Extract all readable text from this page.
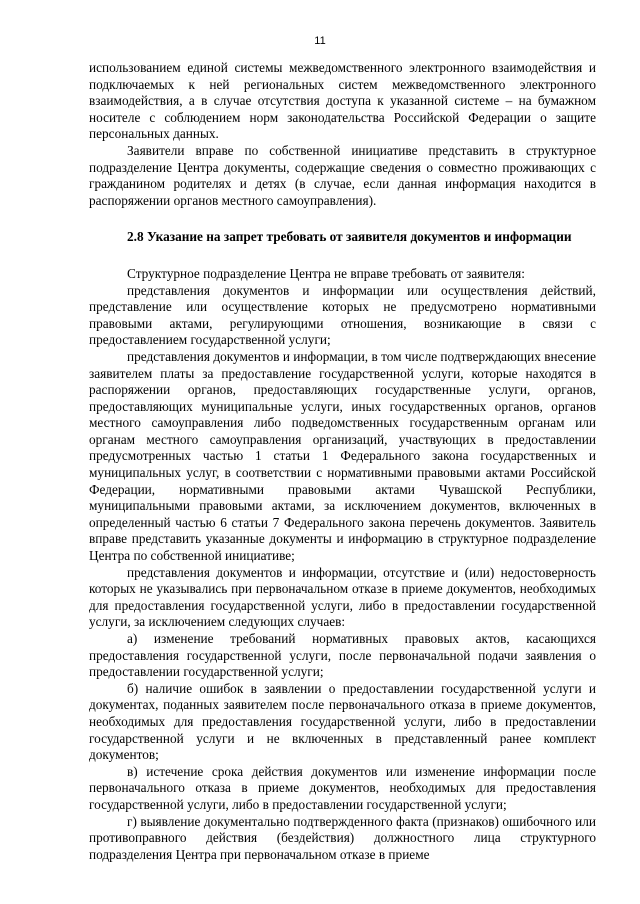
11

использованием единой системы межведомственного электронного взаимодействия и подключаемых к ней региональных систем межведомственного электронного взаимодействия, а в случае отсутствия доступа к указанной системе – на бумажном носителе с соблюдением норм законодательства Российской Федерации о защите персональных данных.

Заявители вправе по собственной инициативе представить в структурное подразделение Центра документы, содержащие сведения о совместно проживающих с гражданином родителях и детях (в случае, если данная информация находится в распоряжении органов местного самоуправления).

2.8 Указание на запрет требовать от заявителя документов и информации

Структурное подразделение Центра не вправе требовать от заявителя:

представления документов и информации или осуществления действий, представление или осуществление которых не предусмотрено нормативными правовыми актами, регулирующими отношения, возникающие в связи с предоставлением государственной услуги;

представления документов и информации, в том числе подтверждающих внесение заявителем платы за предоставление государственной услуги, которые находятся в распоряжении органов, предоставляющих государственные услуги, органов, предоставляющих муниципальные услуги, иных государственных органов, органов местного самоуправления либо подведомственных государственным органам или органам местного самоуправления организаций, участвующих в предоставлении предусмотренных частью 1 статьи 1 Федерального закона государственных и муниципальных услуг, в соответствии с нормативными правовыми актами Российской Федерации, нормативными правовыми актами Чувашской Республики, муниципальными правовыми актами, за исключением документов, включенных в определенный частью 6 статьи 7 Федерального закона перечень документов. Заявитель вправе представить указанные документы и информацию в структурное подразделение Центра по собственной инициативе;

представления документов и информации, отсутствие и (или) недостоверность которых не указывались при первоначальном отказе в приеме документов, необходимых для предоставления государственной услуги, либо в предоставлении государственной услуги, за исключением следующих случаев:

а) изменение требований нормативных правовых актов, касающихся предоставления государственной услуги, после первоначальной подачи заявления о предоставлении государственной услуги;

б) наличие ошибок в заявлении о предоставлении государственной услуги и документах, поданных заявителем после первоначального отказа в приеме документов, необходимых для предоставления государственной услуги, либо в предоставлении государственной услуги и не включенных в представленный ранее комплект документов;

в) истечение срока действия документов или изменение информации после первоначального отказа в приеме документов, необходимых для предоставления государственной услуги, либо в предоставлении государственной услуги;

г) выявление документально подтвержденного факта (признаков) ошибочного или противоправного действия (бездействия) должностного лица структурного подразделения Центра при первоначальном отказе в приеме
